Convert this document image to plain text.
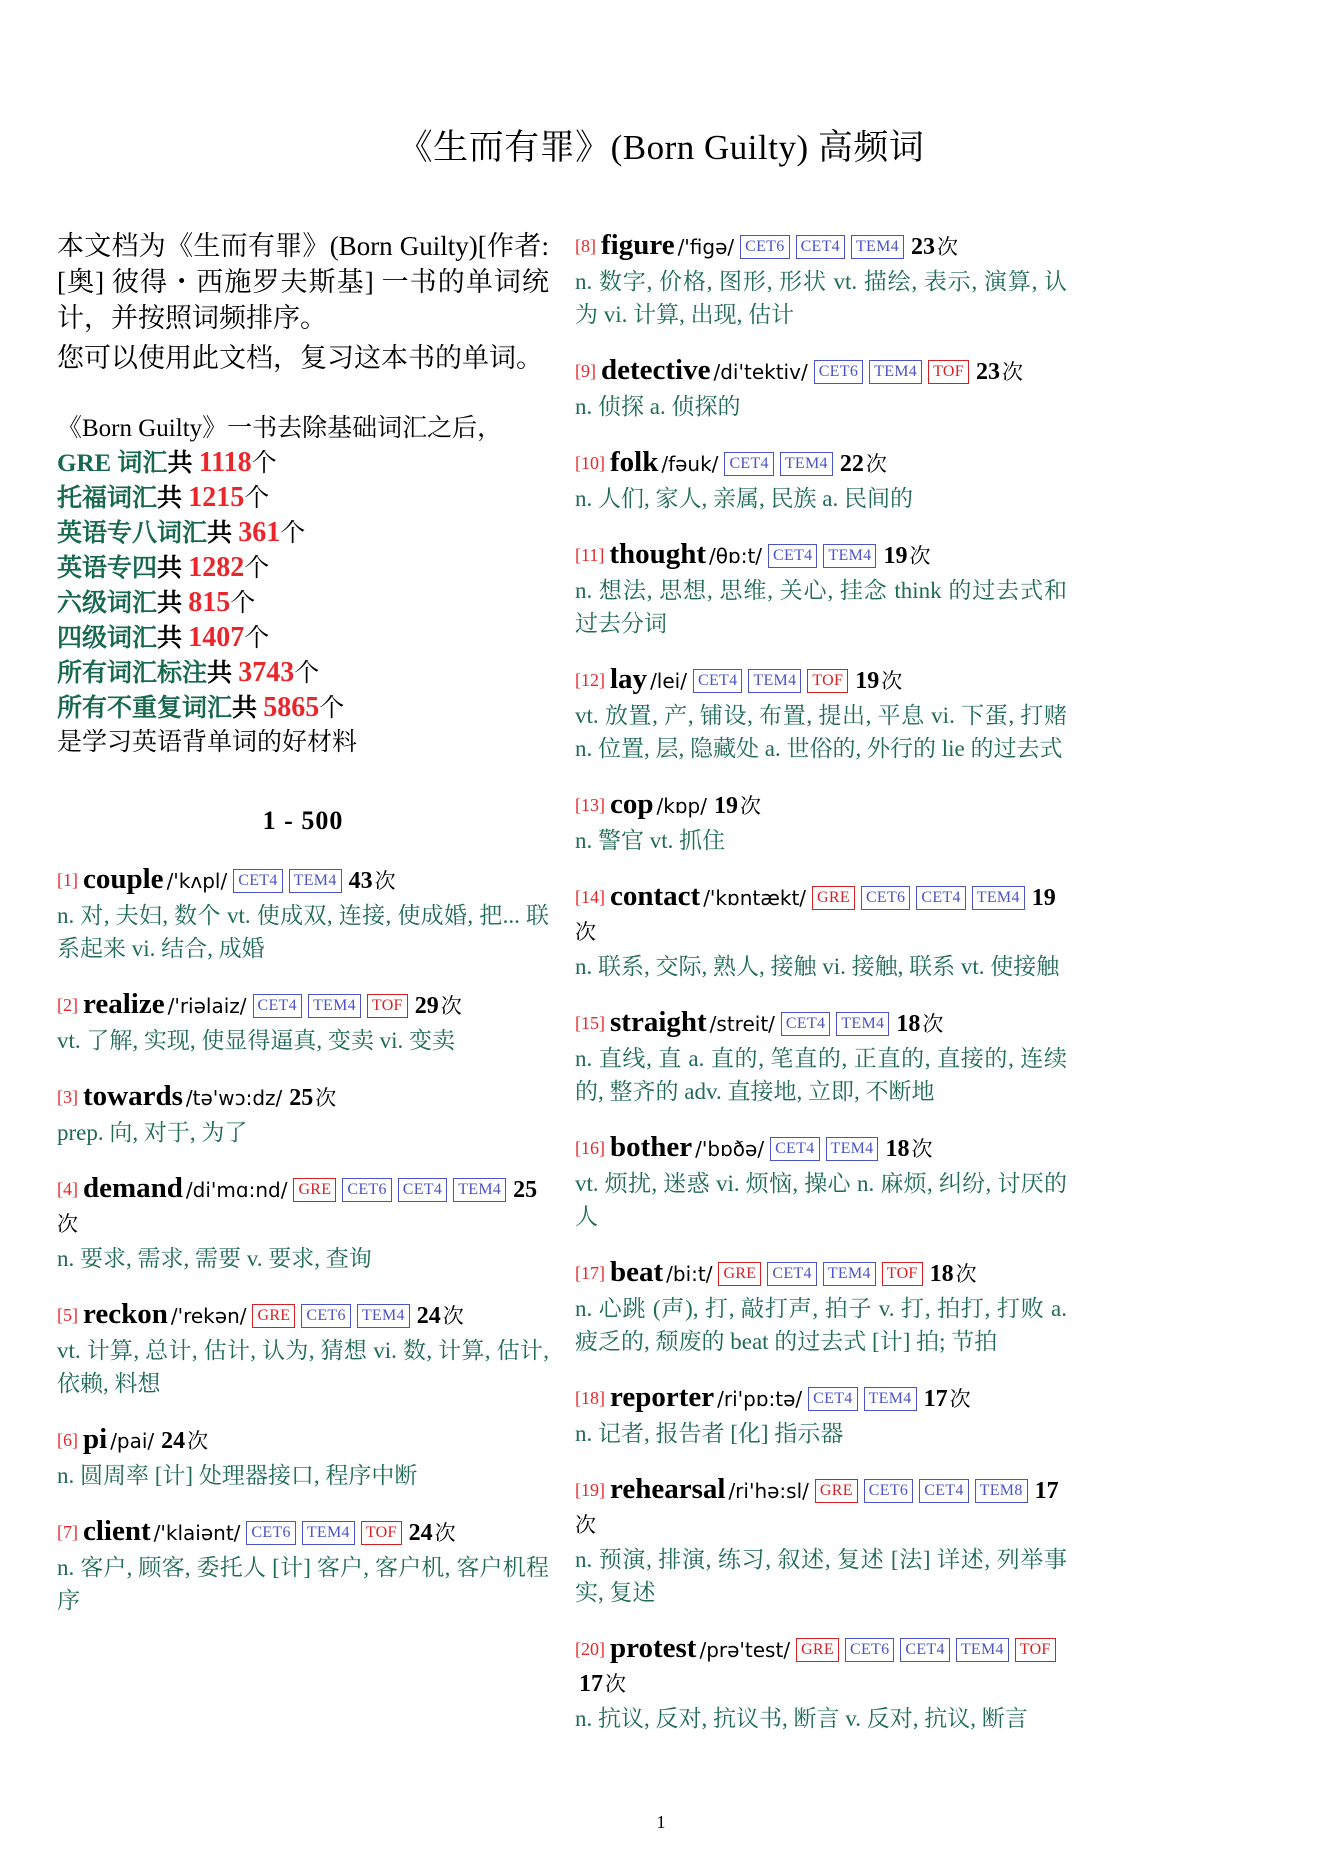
《生而有罪》(Born Guilty) 高频词

本文档为《生而有罪》(Born Guilty)[作者: [奥] 彼得・西施罗夫斯基] 一书的单词统计，并按照词频排序。

您可以使用此文档，复习这本书的单词。

《Born Guilty》一书去除基础词汇之后，

GRE 词汇共 1118个

托福词汇共 1215个

英语专八词汇共 361个

英语专四共 1282个

六级词汇共 815个

四级词汇共 1407个

所有词汇标注共 3743个

所有不重复词汇共 5865个

是学习英语背单词的好材料

1 - 500
[1] couple /'kʌpl/ CET4 TEM4 43次
n. 对, 夫妇, 数个 vt. 使成双, 连接, 使成婚, 把... 联系起来 vi. 结合, 成婚
[2] realize /'riəlaiz/ CET4 TEM4 TOF 29次
vt. 了解, 实现, 使显得逼真, 变卖 vi. 变卖
[3] towards /tə'wɔ:dz/ 25次
prep. 向, 对于, 为了
[4] demand /di'mɑ:nd/ GRE CET6 CET4 TEM4 25次
n. 要求, 需求, 需要 v. 要求, 查询
[5] reckon /'rekən/ GRE CET6 TEM4 24次
vt. 计算, 总计, 估计, 认为, 猜想 vi. 数, 计算, 估计, 依赖, 料想
[6] pi /pai/ 24次
n. 圆周率 [计] 处理器接口, 程序中断
[7] client /'klaiənt/ CET6 TEM4 TOF 24次
n. 客户, 顾客, 委托人 [计] 客户, 客户机, 客户机程序
[8] figure /'figə/ CET6 CET4 TEM4 23次
n. 数字, 价格, 图形, 形状 vt. 描绘, 表示, 演算, 认为 vi. 计算, 出现, 估计
[9] detective /di'tektiv/ CET6 TEM4 TOF 23次
n. 侦探 a. 侦探的
[10] folk /fəuk/ CET4 TEM4 22次
n. 人们, 家人, 亲属, 民族 a. 民间的
[11] thought /θɒ:t/ CET4 TEM4 19次
n. 想法, 思想, 思维, 关心, 挂念 think 的过去式和过去分词
[12] lay /lei/ CET4 TEM4 TOF 19次
vt. 放置, 产, 铺设, 布置, 提出, 平息 vi. 下蛋, 打赌 n. 位置, 层, 隐藏处 a. 世俗的, 外行的 lie 的过去式
[13] cop /kɒp/ 19次
n. 警官 vt. 抓住
[14] contact /'kɒntækt/ GRE CET6 CET4 TEM4 19次
n. 联系, 交际, 熟人, 接触 vi. 接触, 联系 vt. 使接触
[15] straight /streit/ CET4 TEM4 18次
n. 直线, 直 a. 直的, 笔直的, 正直的, 直接的, 连续的, 整齐的 adv. 直接地, 立即, 不断地
[16] bother /'bɒðə/ CET4 TEM4 18次
vt. 烦扰, 迷惑 vi. 烦恼, 操心 n. 麻烦, 纠纷, 讨厌的人
[17] beat /bi:t/ GRE CET4 TEM4 TOF 18次
n. 心跳 (声), 打, 敲打声, 拍子 v. 打, 拍打, 打败 a. 疲乏的, 颓废的 beat 的过去式 [计] 拍; 节拍
[18] reporter /ri'pɒ:tə/ CET4 TEM4 17次
n. 记者, 报告者 [化] 指示器
[19] rehearsal /ri'hə:sl/ GRE CET6 CET4 TEM8 17次
n. 预演, 排演, 练习, 叙述, 复述 [法] 详述, 列举事实, 复述
[20] protest /prə'test/ GRE CET6 CET4 TEM4 TOF17次
n. 抗议, 反对, 抗议书, 断言 v. 反对, 抗议, 断言
1
